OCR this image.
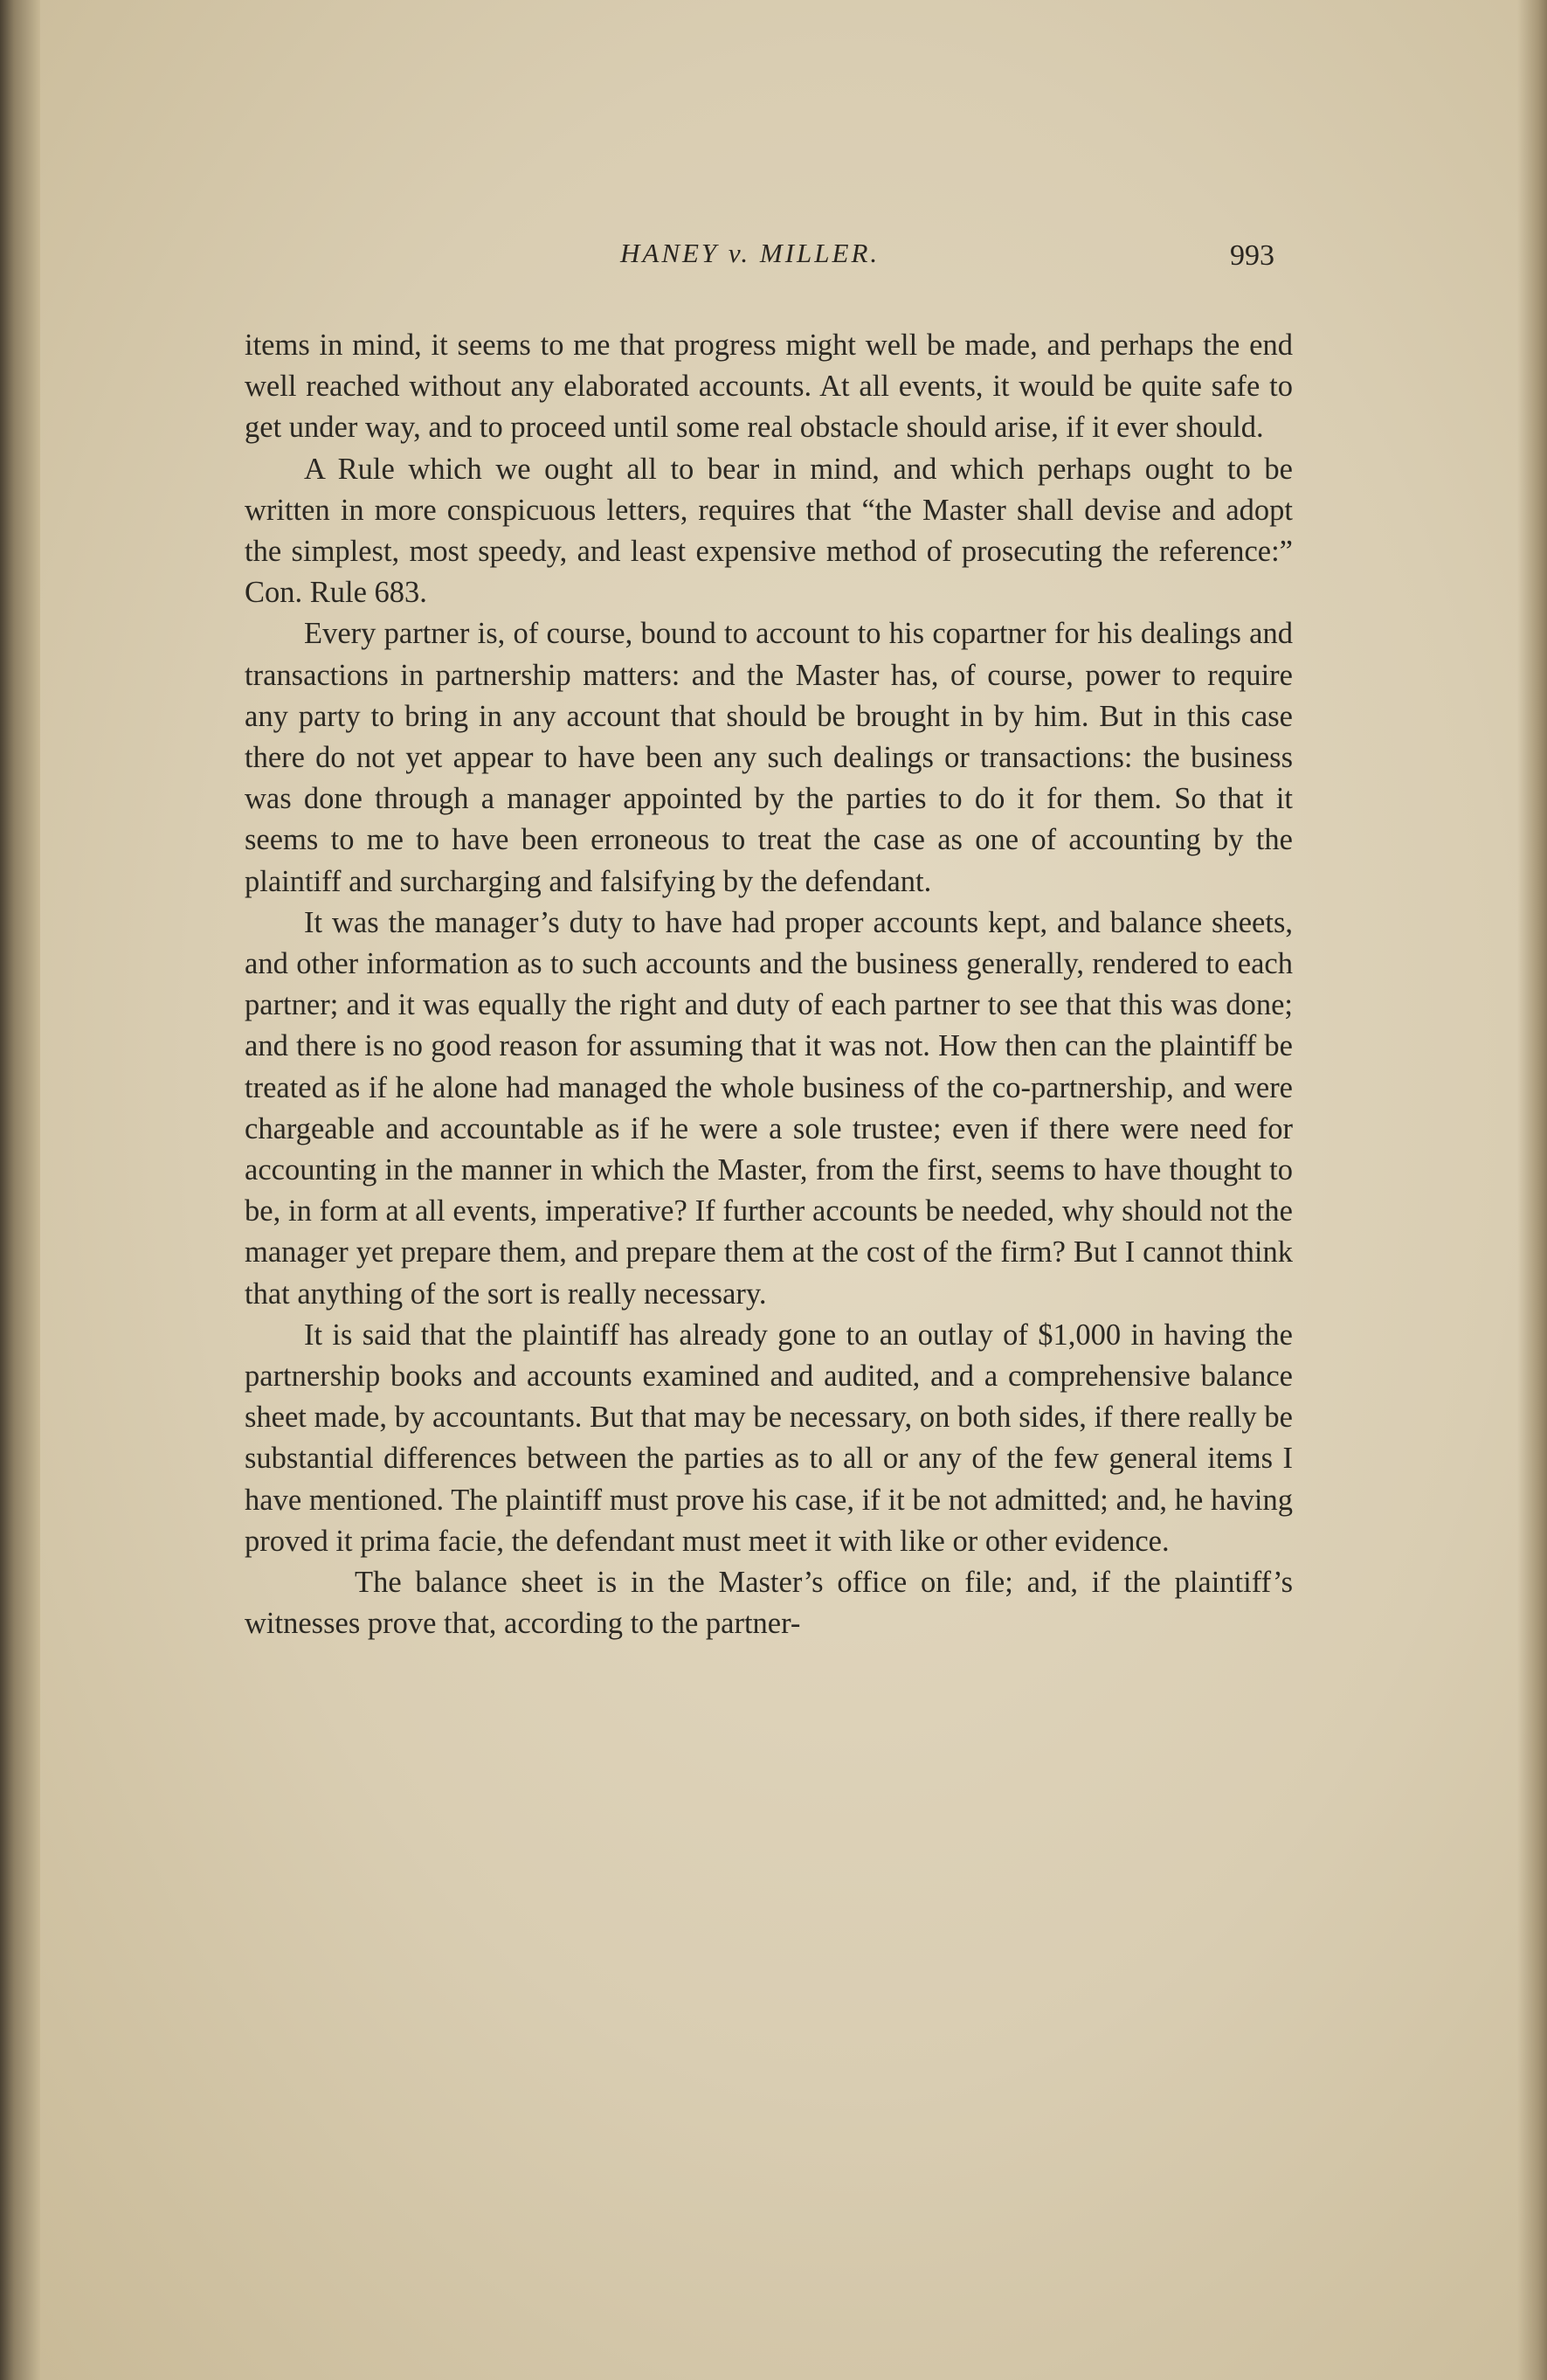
HANEY v. MILLER.	993

items in mind, it seems to me that progress might well be made, and perhaps the end well reached without any elaborated accounts. At all events, it would be quite safe to get under way, and to proceed until some real obstacle should arise, if it ever should.

A Rule which we ought all to bear in mind, and which perhaps ought to be written in more conspicuous letters, requires that “the Master shall devise and adopt the simplest, most speedy, and least expensive method of prosecuting the reference:” Con. Rule 683.

Every partner is, of course, bound to account to his copartner for his dealings and transactions in partnership matters: and the Master has, of course, power to require any party to bring in any account that should be brought in by him. But in this case there do not yet appear to have been any such dealings or transactions: the business was done through a manager appointed by the parties to do it for them. So that it seems to me to have been erroneous to treat the case as one of accounting by the plaintiff and surcharging and falsifying by the defendant.

It was the manager’s duty to have had proper accounts kept, and balance sheets, and other information as to such accounts and the business generally, rendered to each partner; and it was equally the right and duty of each partner to see that this was done; and there is no good reason for assuming that it was not. How then can the plaintiff be treated as if he alone had managed the whole business of the co-partnership, and were chargeable and accountable as if he were a sole trustee; even if there were need for accounting in the manner in which the Master, from the first, seems to have thought to be, in form at all events, imperative? If further accounts be needed, why should not the manager yet prepare them, and prepare them at the cost of the firm? But I cannot think that anything of the sort is really necessary.

It is said that the plaintiff has already gone to an outlay of $1,000 in having the partnership books and accounts examined and audited, and a comprehensive balance sheet made, by accountants. But that may be necessary, on both sides, if there really be substantial differences between the parties as to all or any of the few general items I have mentioned. The plaintiff must prove his case, if it be not admitted; and, he having proved it prima facie, the defendant must meet it with like or other evidence.

The balance sheet is in the Master’s office on file; and, if the plaintiff’s witnesses prove that, according to the partner-
